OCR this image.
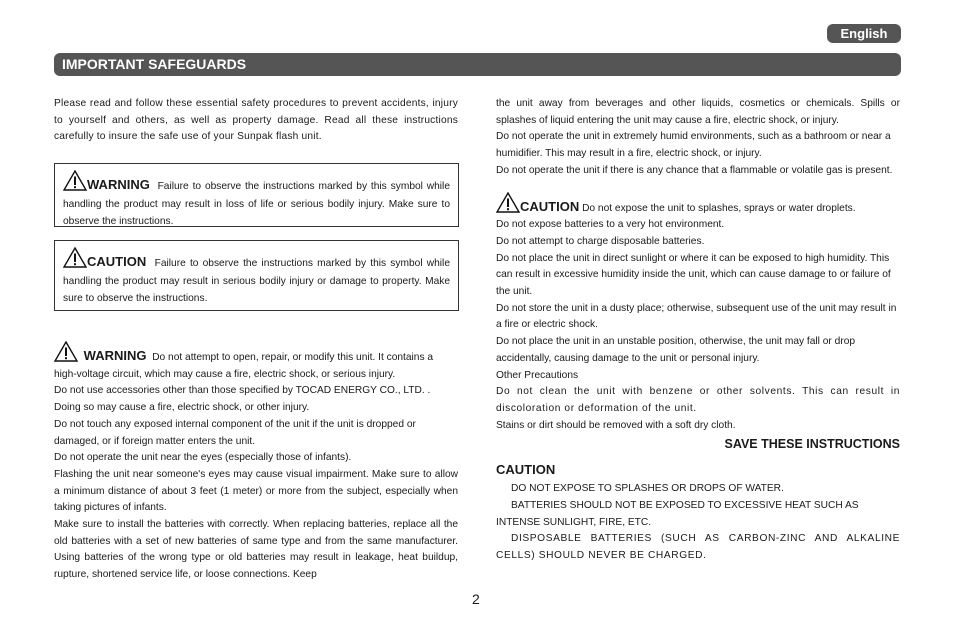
English
IMPORTANT SAFEGUARDS

Please read and follow these essential safety procedures to prevent accidents, injury to yourself and others, as well as property damage. Read all these instructions carefully to insure the safe use of your Sunpak flash unit.

WARNING Failure to observe the instructions marked by this symbol while handling the product may result in loss of life or serious bodily injury. Make sure to observe the instructions.
CAUTION Failure to observe the instructions marked by this symbol while handling the product may result in serious bodily injury or damage to property. Make sure to observe the instructions.

WARNING Do not attempt to open, repair, or modify this unit. It contains a high-voltage circuit, which may cause a fire, electric shock, or serious injury.

Do not use accessories other than those specified by TOCAD ENERGY CO., LTD. . Doing so may cause a fire, electric shock, or other injury.

Do not touch any exposed internal component of the unit if the unit is dropped or damaged, or if foreign matter enters the unit.

Do not operate the unit near the eyes (especially those of infants).

Flashing the unit near someone's eyes may cause visual impairment. Make sure to allow a minimum distance of about 3 feet (1 meter) or more from the subject, especially when taking pictures of infants.

Make sure to install the batteries with correctly. When replacing batteries, replace all the old batteries with a set of new batteries of same type and from the same manufacturer. Using batteries of the wrong type or old batteries may result in leakage, heat buildup, rupture, shortened service life, or loose connections. Keep

the unit away from beverages and other liquids, cosmetics or chemicals. Spills or splashes of liquid entering the unit may cause a fire, electric shock, or injury.

Do not operate the unit in extremely humid environments, such as a bathroom or near a humidifier. This may result in a fire, electric shock, or injury.

Do not operate the unit if there is any chance that a flammable or volatile gas is present.

CAUTION Do not expose the unit to splashes, sprays or water droplets.

Do not expose batteries to a very hot environment.

Do not attempt to charge disposable batteries.

Do not place the unit in direct sunlight or where it can be exposed to high humidity. This can result in excessive humidity inside the unit, which can cause damage to or failure of the unit.

Do not store the unit in a dusty place; otherwise, subsequent use of the unit may result in a fire or electric shock.

Do not place the unit in an unstable position, otherwise, the unit may fall or drop accidentally, causing damage to the unit or personal injury.

Other Precautions

Do not clean the unit with benzene or other solvents. This can result in discoloration or deformation of the unit.

Stains or dirt should be removed with a soft dry cloth.

SAVE THESE INSTRUCTIONS

CAUTION

DO NOT EXPOSE TO SPLASHES OR DROPS OF WATER.

BATTERIES SHOULD NOT BE EXPOSED TO EXCESSIVE HEAT SUCH AS INTENSE SUNLIGHT, FIRE, ETC.

DISPOSABLE BATTERIES (SUCH AS CARBON-ZINC AND ALKALINE CELLS) SHOULD NEVER BE CHARGED.

2
